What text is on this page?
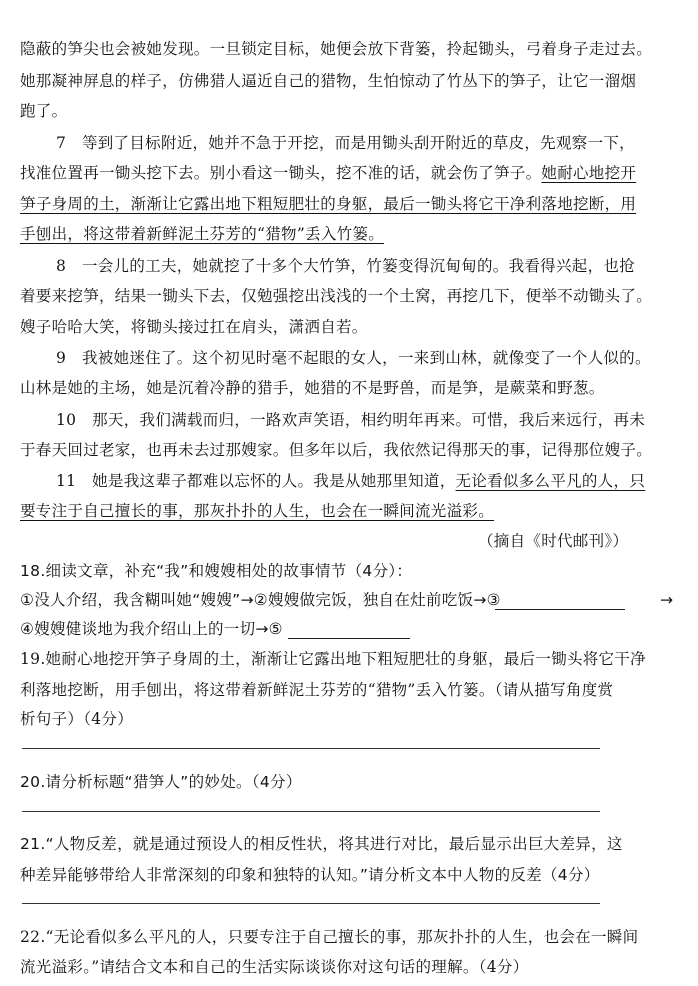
隐蔽的笋尖也会被她发现。一旦锁定目标，她便会放下背篓，拎起锄头，弓着身子走过去。
她那凝神屏息的样子，仿佛猎人逼近自己的猎物，生怕惊动了竹丛下的笋子，让它一溜烟
跑了。
7　等到了目标附近，她并不急于开挖，而是用锄头刮开附近的草皮，先观察一下，
找准位置再一锄头挖下去。别小看这一锄头，挖不准的话，就会伤了笋子。她耐心地挖开
笋子身周的土，渐渐让它露出地下粗短肥壮的身躯，最后一锄头将它干净利落地挖断，用
手刨出，将这带着新鲜泥土芬芳的“猎物”丢入竹篓。
8　一会儿的工夫，她就挖了十多个大竹笋，竹篓变得沉甸甸的。我看得兴起，也抢
着要来挖笋，结果一锄头下去，仅勉强挖出浅浅的一个土窝，再挖几下，便举不动锄头了。
嫂子哈哈大笑，将锄头接过扛在肩头，潇洒自若。
9　我被她迷住了。这个初见时毫不起眼的女人，一来到山林，就像变了一个人似的。
山林是她的主场，她是沉着冷静的猎手，她猎的不是野兽，而是笋，是蕨菜和野葱。
10　那天，我们满载而归，一路欢声笑语，相约明年再来。可惜，我后来远行，再未
于春天回过老家，也再未去过那嫂家。但多年以后，我依然记得那天的事，记得那位嫂子。
11　她是我这辈子都难以忘怀的人。我是从她那里知道，无论看似多么平凡的人，只
要专注于自己擅长的事，那灰扑扑的人生，也会在一瞬间流光溢彩。
（摘自《时代邮刊》）
18.细读文章，补充“我”和嫂嫂相处的故事情节（4分）：
①没人介绍，我含糊叫她“嫂嫂”→②嫂嫂做完饭，独自在灶前吃饭→③	→
④嫂嫂健谈地为我介绍山上的一切→⑤
19.她耐心地挖开笋子身周的土，渐渐让它露出地下粗短肥壮的身躯，最后一锄头将它干净
利落地挖断，用手刨出，将这带着新鲜泥土芬芳的“猎物”丢入竹篓。（请从描写角度赏
析句子）（4分）
20.请分析标题“猎笋人”的妙处。（4分）
21.“人物反差，就是通过预设人的相反性状，将其进行对比，最后显示出巨大差异，这
种差异能够带给人非常深刻的印象和独特的认知。”请分析文本中人物的反差（4分）
22.“无论看似多么平凡的人，只要专注于自己擅长的事，那灰扑扑的人生，也会在一瞬间
流光溢彩。”请结合文本和自己的生活实际谈谈你对这句话的理解。（4分）
